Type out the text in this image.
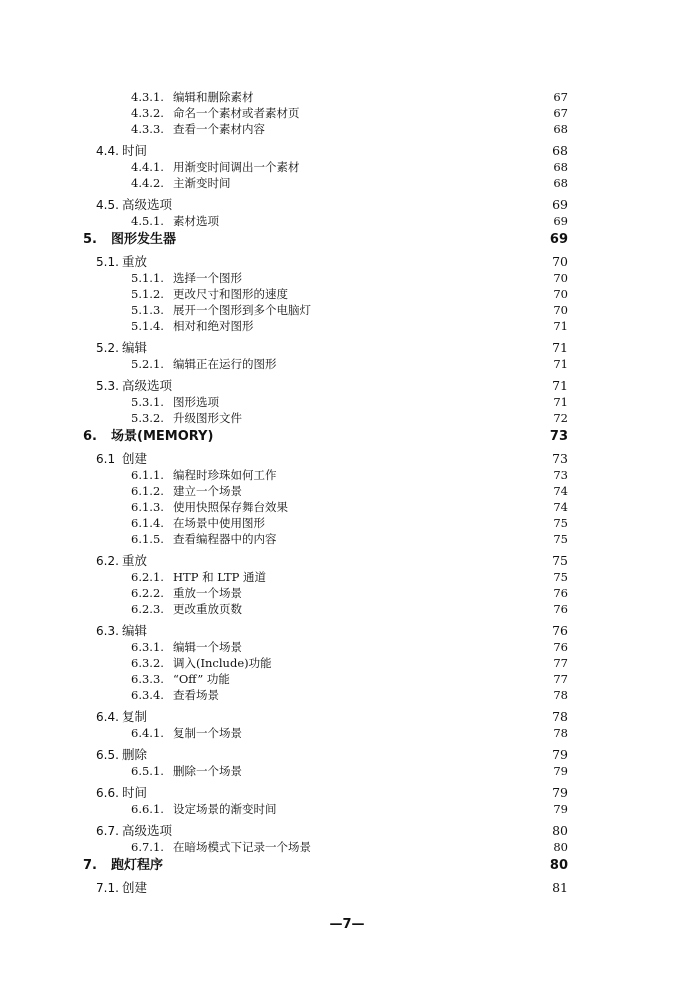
4.3.1. 编辑和删除素材	67
4.3.2. 命名一个素材或者素材页	67
4.3.3. 查看一个素材内容	68
4.4. 时间	68
4.4.1. 用渐变时间调出一个素材	68
4.4.2. 主渐变时间	68
4.5. 高级选项	69
4.5.1. 素材选项	69
5. 图形发生器	69
5.1. 重放	70
5.1.1. 选择一个图形	70
5.1.2. 更改尺寸和图形的速度	70
5.1.3. 展开一个图形到多个电脑灯	70
5.1.4. 相对和绝对图形	71
5.2. 编辑	71
5.2.1. 编辑正在运行的图形	71
5.3. 高级选项	71
5.3.1. 图形选项	71
5.3.2. 升级图形文件	72
6. 场景(MEMORY)	73
6.1 创建	73
6.1.1. 编程时珍珠如何工作	73
6.1.2. 建立一个场景	74
6.1.3. 使用快照保存舞台效果	74
6.1.4. 在场景中使用图形	75
6.1.5. 查看编程器中的内容	75
6.2. 重放	75
6.2.1. HTP 和 LTP 通道	75
6.2.2. 重放一个场景	76
6.2.3. 更改重放页数	76
6.3. 编辑	76
6.3.1. 编辑一个场景	76
6.3.2. 调入(Include)功能	77
6.3.3. “Off” 功能	77
6.3.4. 查看场景	78
6.4. 复制	78
6.4.1. 复制一个场景	78
6.5. 删除	79
6.5.1. 删除一个场景	79
6.6. 时间	79
6.6.1. 设定场景的渐变时间	79
6.7. 高级选项	80
6.7.1. 在暗场模式下记录一个场景	80
7. 跑灯程序	80
7.1. 创建	81
—7—
